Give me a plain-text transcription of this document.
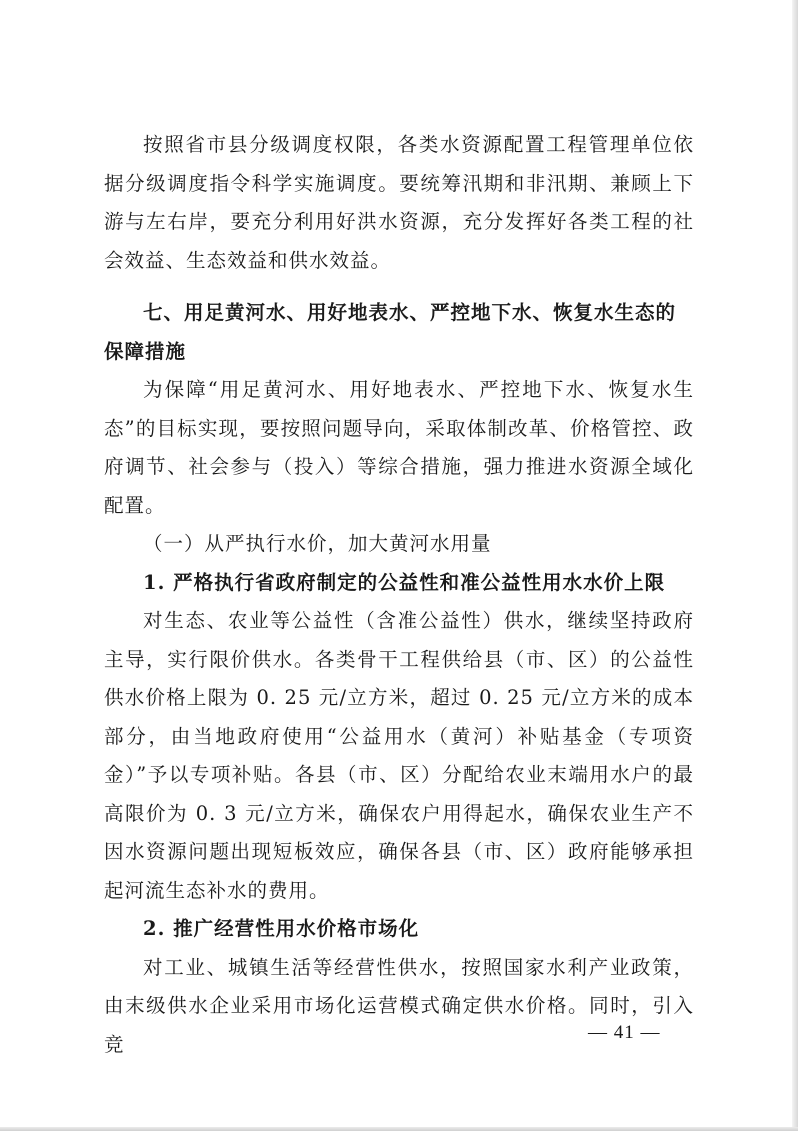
按照省市县分级调度权限，各类水资源配置工程管理单位依据分级调度指令科学实施调度。要统筹汛期和非汛期、兼顾上下游与左右岸，要充分利用好洪水资源，充分发挥好各类工程的社会效益、生态效益和供水效益。

七、用足黄河水、用好地表水、严控地下水、恢复水生态的保障措施

为保障“用足黄河水、用好地表水、严控地下水、恢复水生态”的目标实现，要按照问题导向，采取体制改革、价格管控、政府调节、社会参与（投入）等综合措施，强力推进水资源全域化配置。

（一）从严执行水价，加大黄河水用量

1. 严格执行省政府制定的公益性和准公益性用水水价上限

对生态、农业等公益性（含准公益性）供水，继续坚持政府主导，实行限价供水。各类骨干工程供给县（市、区）的公益性供水价格上限为 0. 25 元/立方米，超过 0. 25 元/立方米的成本部分，由当地政府使用“公益用水（黄河）补贴基金（专项资金）”予以专项补贴。各县（市、区）分配给农业末端用水户的最高限价为 0. 3 元/立方米，确保农户用得起水，确保农业生产不因水资源问题出现短板效应，确保各县（市、区）政府能够承担起河流生态补水的费用。

2. 推广经营性用水价格市场化

对工业、城镇生活等经营性供水，按照国家水利产业政策，由末级供水企业采用市场化运营模式确定供水价格。同时，引入竞	— 41 —
